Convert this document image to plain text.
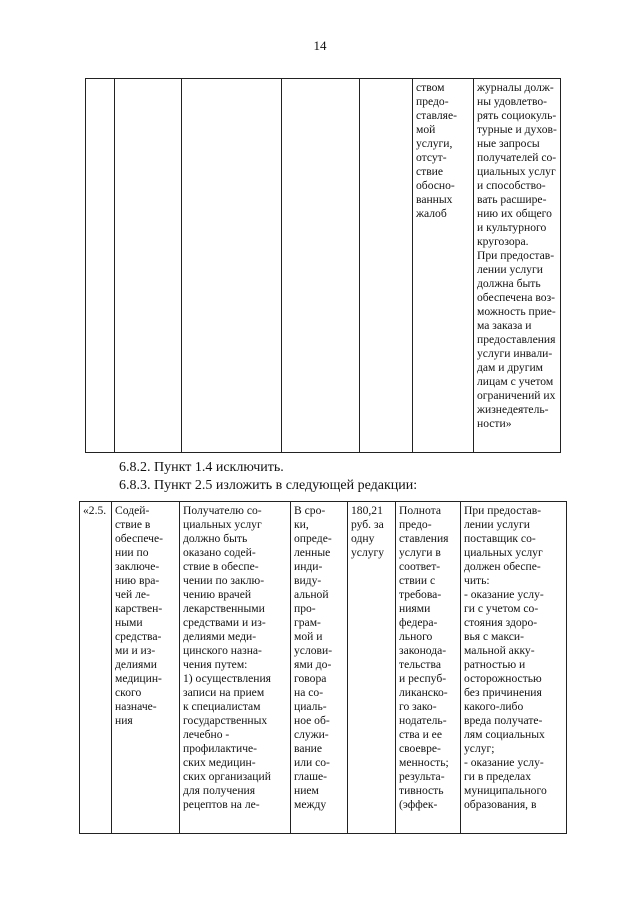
14
					ством
предо-
ставляе-
мой
услуги,
отсут-
ствие
обосно-
ванных
жалоб	журналы долж-
ны удовлетво-
рять социокуль-
турные и духов-
ные запросы
получателей со-
циальных услуг
и способство-
вать расшире-
нию их общего
и культурного
кругозора.
При предостав-
лении услуги
должна быть
обеспечена воз-
можность прие-
ма заказа и
предоставления
услуги инвали-
дам и другим
лицам с учетом
ограничений их
жизнедеятель-
ности»
6.8.2. Пункт 1.4 исключить.
6.8.3. Пункт 2.5 изложить в следующей редакции:
«2.5.	Содей-
ствие в
обеспече-
нии по
заключе-
нию вра-
чей ле-
карствен-
ными
средства-
ми и из-
делиями
медицин-
ского
назначе-
ния	Получателю со-
циальных услуг
должно быть
оказано содей-
ствие в обеспе-
чении по заклю-
чению врачей
лекарственными
средствами и из-
делиями меди-
цинского назна-
чения путем:
1) осуществления
записи на прием
к специалистам
государственных
лечебно -
профилактиче-
ских медицин-
ских организаций
для получения
рецептов на ле-	В сро-
ки,
опреде-
ленные
инди-
виду-
альной
про-
грам-
мой и
услови-
ями до-
говора
на со-
циаль-
ное об-
служи-
вание
или со-
глаше-
нием
между	180,21
руб. за
одну
услугу	Полнота
предо-
ставления
услуги в
соответ-
ствии с
требова-
ниями
федера-
льного
законода-
тельства
и респуб-
ликанско-
го зако-
нодатель-
ства и ее
своевре-
менность;
результа-
тивность
(эффек-	При предостав-
лении услуги
поставщик со-
циальных услуг
должен обеспе-
чить:
- оказание услу-
ги с учетом со-
стояния здоро-
вья с макси-
мальной акку-
ратностью и
осторожностью
без причинения
какого-либо
вреда получате-
лям социальных
услуг;
- оказание услу-
ги в пределах
муниципального
образования, в
